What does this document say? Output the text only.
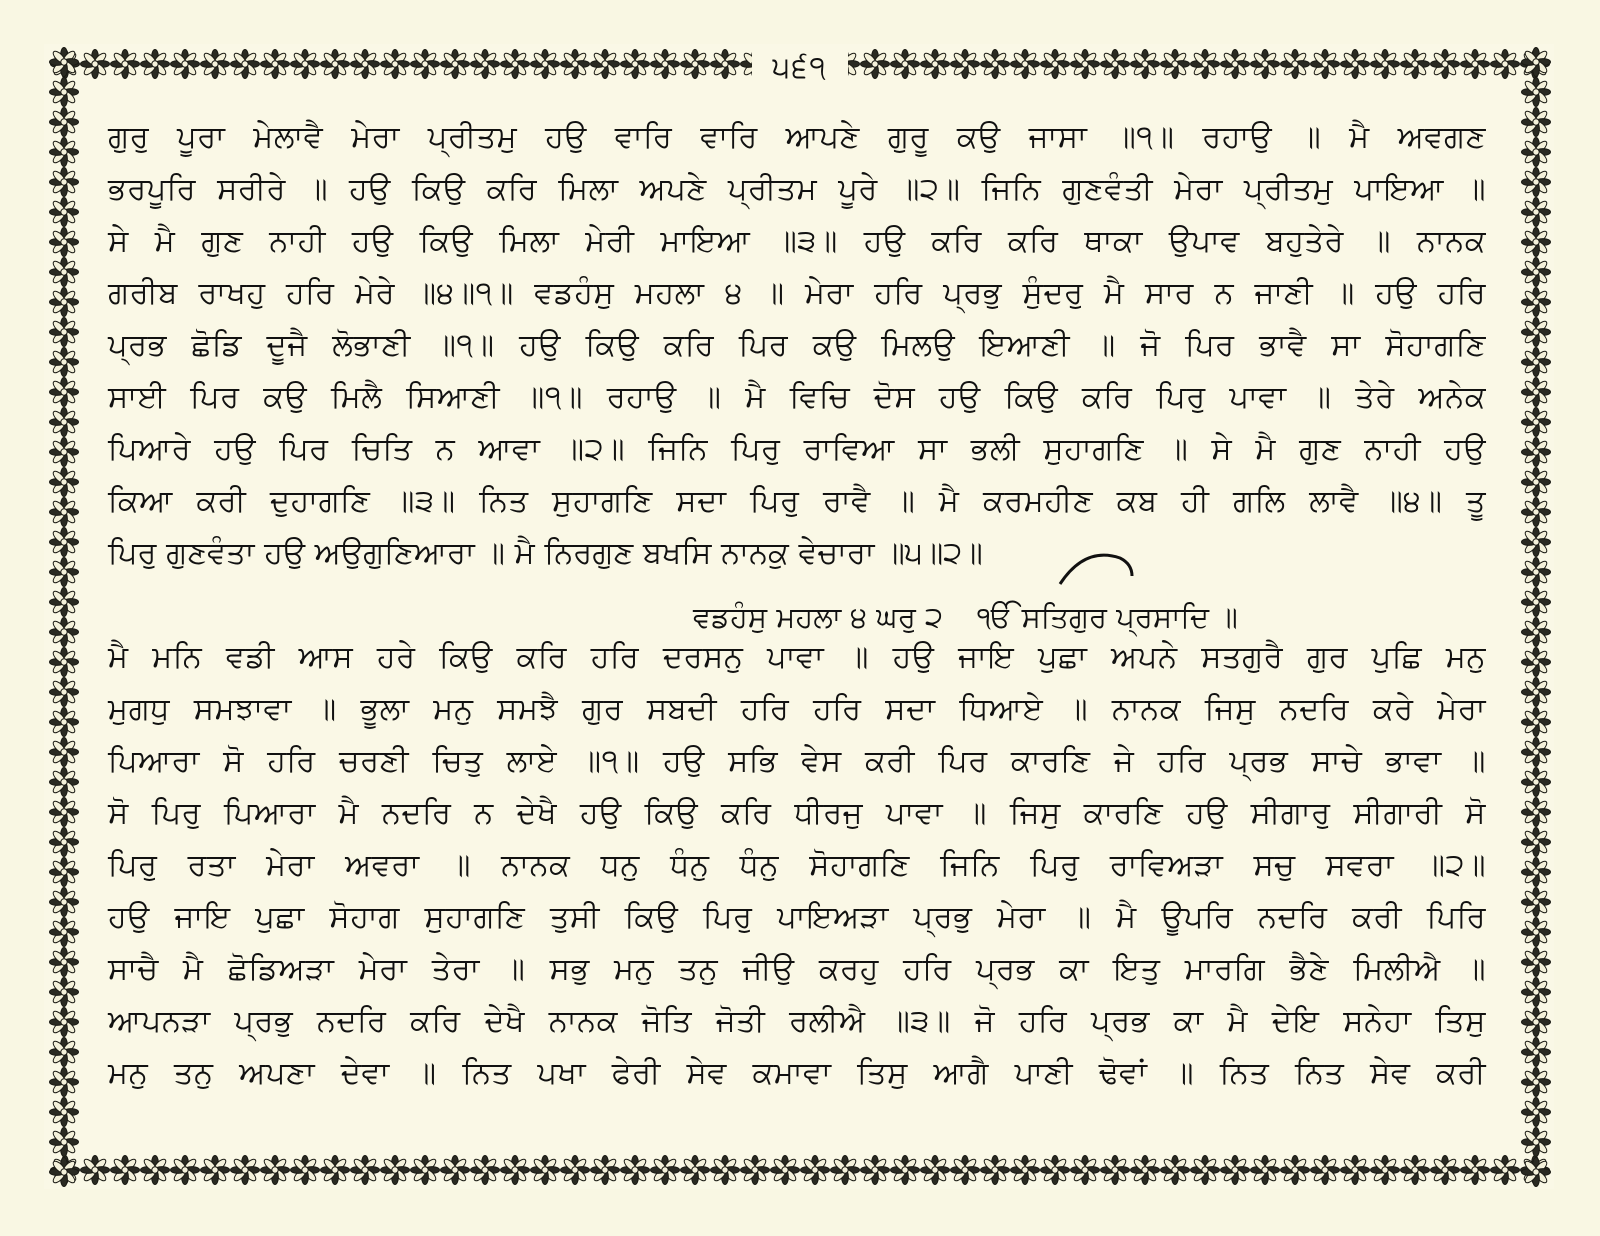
੫੬੧
ਗੁਰੁ ਪੂਰਾ ਮੇਲਾਵੈ ਮੇਰਾ ਪ੍ਰੀਤਮੁ ਹਉ ਵਾਰਿ ਵਾਰਿ ਆਪਣੇ ਗੁਰੂ ਕਉ ਜਾਸਾ ॥੧॥ ਰਹਾਉ ॥ ਮੈ ਅਵਗਣ
ਭਰਪੂਰਿ ਸਰੀਰੇ ॥ ਹਉ ਕਿਉ ਕਰਿ ਮਿਲਾ ਅਪਣੇ ਪ੍ਰੀਤਮ ਪੂਰੇ ॥੨॥ ਜਿਨਿ ਗੁਣਵੰਤੀ ਮੇਰਾ ਪ੍ਰੀਤਮੁ ਪਾਇਆ ॥
ਸੇ ਮੈ ਗੁਣ ਨਾਹੀ ਹਉ ਕਿਉ ਮਿਲਾ ਮੇਰੀ ਮਾਇਆ ॥੩॥ ਹਉ ਕਰਿ ਕਰਿ ਥਾਕਾ ਉਪਾਵ ਬਹੁਤੇਰੇ ॥ ਨਾਨਕ
ਗਰੀਬ ਰਾਖਹੁ ਹਰਿ ਮੇਰੇ ॥੪॥੧॥ ਵਡਹੰਸੁ ਮਹਲਾ ੪ ॥ ਮੇਰਾ ਹਰਿ ਪ੍ਰਭੁ ਸੁੰਦਰੁ ਮੈ ਸਾਰ ਨ ਜਾਣੀ ॥ ਹਉ ਹਰਿ
ਪ੍ਰਭ ਛੋਡਿ ਦੂਜੈ ਲੋਭਾਣੀ ॥੧॥ ਹਉ ਕਿਉ ਕਰਿ ਪਿਰ ਕਉ ਮਿਲਉ ਇਆਣੀ ॥ ਜੋ ਪਿਰ ਭਾਵੈ ਸਾ ਸੋਹਾਗਣਿ
ਸਾਈ ਪਿਰ ਕਉ ਮਿਲੈ ਸਿਆਣੀ ॥੧॥ ਰਹਾਉ ॥ ਮੈ ਵਿਚਿ ਦੋਸ ਹਉ ਕਿਉ ਕਰਿ ਪਿਰੁ ਪਾਵਾ ॥ ਤੇਰੇ ਅਨੇਕ
ਪਿਆਰੇ ਹਉ ਪਿਰ ਚਿਤਿ ਨ ਆਵਾ ॥੨॥ ਜਿਨਿ ਪਿਰੁ ਰਾਵਿਆ ਸਾ ਭਲੀ ਸੁਹਾਗਣਿ ॥ ਸੇ ਮੈ ਗੁਣ ਨਾਹੀ ਹਉ
ਕਿਆ ਕਰੀ ਦੁਹਾਗਣਿ ॥੩॥ ਨਿਤ ਸੁਹਾਗਣਿ ਸਦਾ ਪਿਰੁ ਰਾਵੈ ॥ ਮੈ ਕਰਮਹੀਣ ਕਬ ਹੀ ਗਲਿ ਲਾਵੈ ॥੪॥ ਤੂ
ਪਿਰੁ ਗੁਣਵੰਤਾ ਹਉ ਅਉਗੁਣਿਆਰਾ ॥ ਮੈ ਨਿਰਗੁਣ ਬਖਸਿ ਨਾਨਕੁ ਵੇਚਾਰਾ ॥੫॥੨॥
ਵਡਹੰਸੁ ਮਹਲਾ ੪ ਘਰੁ ੨ ੴ ਸਤਿਗੁਰ ਪ੍ਰਸਾਦਿ ॥
ਮੈ ਮਨਿ ਵਡੀ ਆਸ ਹਰੇ ਕਿਉ ਕਰਿ ਹਰਿ ਦਰਸਨੁ ਪਾਵਾ ॥ ਹਉ ਜਾਇ ਪੁਛਾ ਅਪਨੇ ਸਤਗੁਰੈ ਗੁਰ ਪੁਛਿ ਮਨੁ
ਮੁਗਧੁ ਸਮਝਾਵਾ ॥ ਭੂਲਾ ਮਨੁ ਸਮਝੈ ਗੁਰ ਸਬਦੀ ਹਰਿ ਹਰਿ ਸਦਾ ਧਿਆਏ ॥ ਨਾਨਕ ਜਿਸੁ ਨਦਰਿ ਕਰੇ ਮੇਰਾ
ਪਿਆਰਾ ਸੋ ਹਰਿ ਚਰਣੀ ਚਿਤੁ ਲਾਏ ॥੧॥ ਹਉ ਸਭਿ ਵੇਸ ਕਰੀ ਪਿਰ ਕਾਰਣਿ ਜੇ ਹਰਿ ਪ੍ਰਭ ਸਾਚੇ ਭਾਵਾ ॥
ਸੋ ਪਿਰੁ ਪਿਆਰਾ ਮੈ ਨਦਰਿ ਨ ਦੇਖੈ ਹਉ ਕਿਉ ਕਰਿ ਧੀਰਜੁ ਪਾਵਾ ॥ ਜਿਸੁ ਕਾਰਣਿ ਹਉ ਸੀਗਾਰੁ ਸੀਗਾਰੀ ਸੋ
ਪਿਰੁ ਰਤਾ ਮੇਰਾ ਅਵਰਾ ॥ ਨਾਨਕ ਧਨੁ ਧੰਨੁ ਧੰਨੁ ਸੋਹਾਗਣਿ ਜਿਨਿ ਪਿਰੁ ਰਾਵਿਅੜਾ ਸਚੁ ਸਵਰਾ ॥੨॥
ਹਉ ਜਾਇ ਪੁਛਾ ਸੋਹਾਗ ਸੁਹਾਗਣਿ ਤੁਸੀ ਕਿਉ ਪਿਰੁ ਪਾਇਅੜਾ ਪ੍ਰਭੁ ਮੇਰਾ ॥ ਮੈ ਊਪਰਿ ਨਦਰਿ ਕਰੀ ਪਿਰਿ
ਸਾਚੈ ਮੈ ਛੋਡਿਅੜਾ ਮੇਰਾ ਤੇਰਾ ॥ ਸਭੁ ਮਨੁ ਤਨੁ ਜੀਉ ਕਰਹੁ ਹਰਿ ਪ੍ਰਭ ਕਾ ਇਤੁ ਮਾਰਗਿ ਭੈਣੇ ਮਿਲੀਐ ॥
ਆਪਨੜਾ ਪ੍ਰਭੁ ਨਦਰਿ ਕਰਿ ਦੇਖੈ ਨਾਨਕ ਜੋਤਿ ਜੋਤੀ ਰਲੀਐ ॥੩॥ ਜੋ ਹਰਿ ਪ੍ਰਭ ਕਾ ਮੈ ਦੇਇ ਸਨੇਹਾ ਤਿਸੁ
ਮਨੁ ਤਨੁ ਅਪਣਾ ਦੇਵਾ ॥ ਨਿਤ ਪਖਾ ਫੇਰੀ ਸੇਵ ਕਮਾਵਾ ਤਿਸੁ ਆਗੈ ਪਾਣੀ ਢੋਵਾਂ ॥ ਨਿਤ ਨਿਤ ਸੇਵ ਕਰੀ
